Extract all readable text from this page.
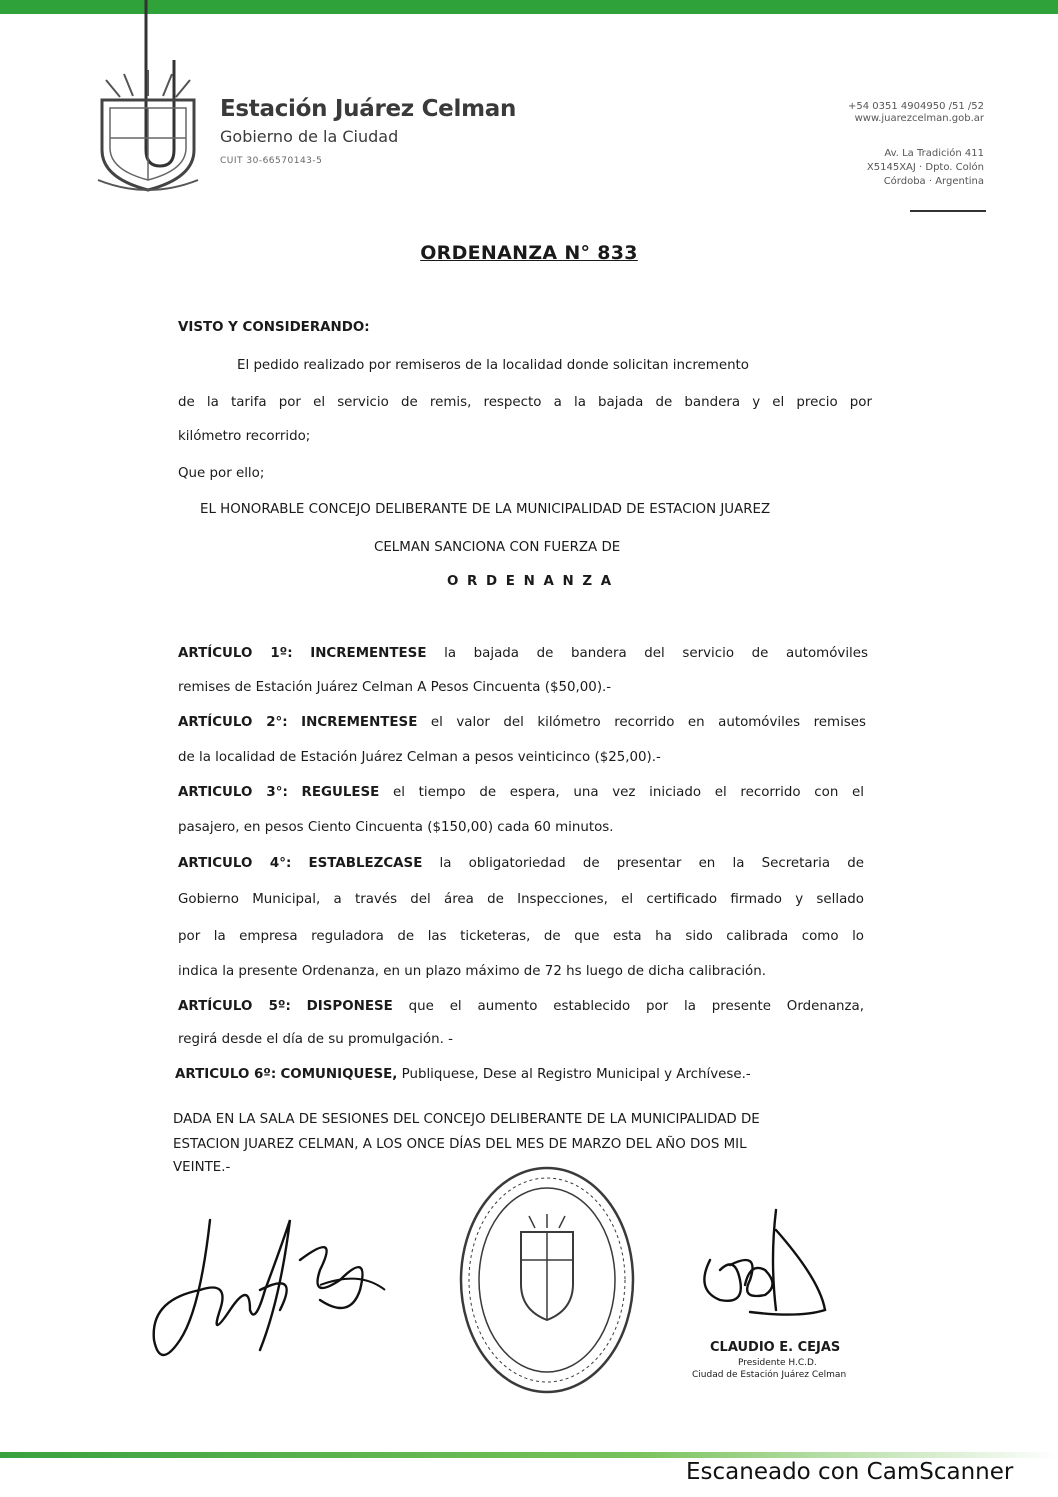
Estación Juárez Celman
Gobierno de la Ciudad
CUIT 30-66570143-5
+54 0351 4904950 /51 /52
www.juarezcelman.gob.ar
Av. La Tradición 411
X5145XAJ · Dpto. Colón
Córdoba · Argentina
ORDENANZA N° 833
VISTO Y CONSIDERANDO:
El pedido realizado por remiseros de la localidad donde solicitan incremento
de la tarifa por el servicio de remis, respecto a la bajada de bandera y el precio por
kilómetro recorrido;
Que por ello;
EL HONORABLE CONCEJO DELIBERANTE DE LA MUNICIPALIDAD DE ESTACION JUAREZ
CELMAN SANCIONA CON FUERZA DE
O R D E N A N Z A
ARTÍCULO 1º: INCREMENTESE la bajada de bandera del servicio de automóviles
remises de Estación Juárez Celman A Pesos Cincuenta ($50,00).-
ARTÍCULO 2°: INCREMENTESE el valor del kilómetro recorrido en automóviles remises
de la localidad de Estación Juárez Celman a pesos veinticinco ($25,00).-
ARTICULO 3°: REGULESE el tiempo de espera, una vez iniciado el recorrido con el
pasajero, en pesos Ciento Cincuenta ($150,00) cada 60 minutos.
ARTICULO 4°: ESTABLEZCASE la obligatoriedad de presentar en la Secretaria de
Gobierno Municipal, a través del área de Inspecciones, el certificado firmado y sellado
por la empresa reguladora de las ticketeras, de que esta ha sido calibrada como lo
indica la presente Ordenanza, en un plazo máximo de 72 hs luego de dicha calibración.
ARTÍCULO 5º: DISPONESE que el aumento establecido por la presente Ordenanza,
regirá desde el día de su promulgación. -
ARTICULO 6º: COMUNIQUESE, Publiquese, Dese al Registro Municipal y Archívese.-
DADA EN LA SALA DE SESIONES DEL CONCEJO DELIBERANTE DE LA MUNICIPALIDAD DE
ESTACION JUAREZ CELMAN, A LOS ONCE DÍAS DEL MES DE MARZO DEL AÑO DOS MIL
VEINTE.-
CLAUDIO E. CEJAS
Presidente H.C.D.
Ciudad de Estación Juárez Celman
Escaneado con CamScanner
